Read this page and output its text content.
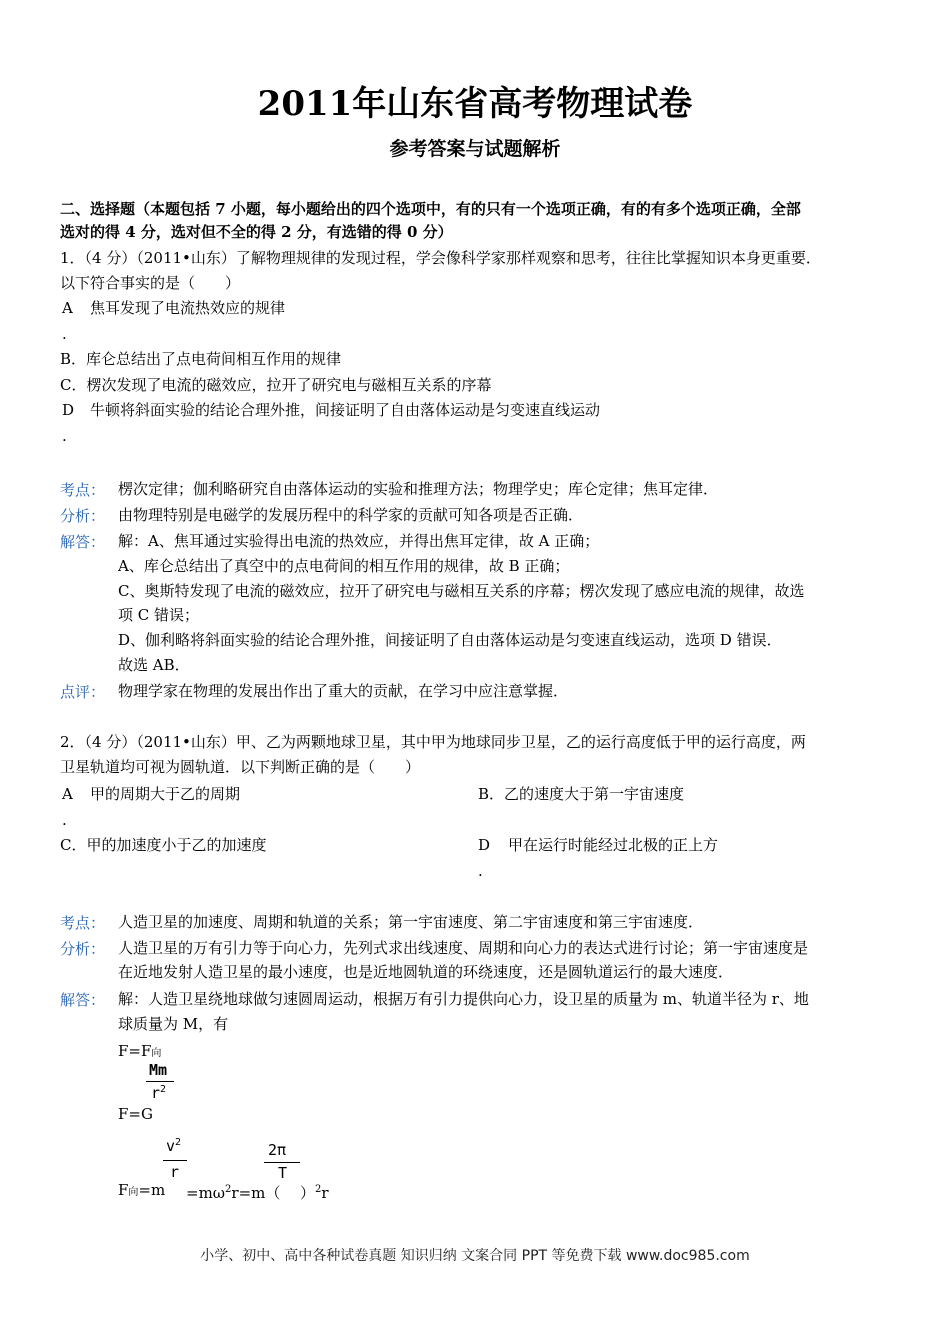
2011年山东省高考物理试卷
参考答案与试题解析
二、选择题（本题包括 7 小题，每小题给出的四个选项中，有的只有一个选项正确，有的有多个选项正确，全部
选对的得 4 分，选对但不全的得 2 分，有选错的得 0 分）
1．（4 分）（2011•山东）了解物理规律的发现过程，学会像科学家那样观察和思考，往往比掌握知识本身更重要．
以下符合事实的是（　　）
A 焦耳发现了电流热效应的规律
.
B．库仑总结出了点电荷间相互作用的规律
C．楞次发现了电流的磁效应，拉开了研究电与磁相互关系的序幕
D 牛顿将斜面实验的结论合理外推，间接证明了自由落体运动是匀变速直线运动
.
考点： 楞次定律；伽利略研究自由落体运动的实验和推理方法；物理学史；库仑定律；焦耳定律．
分析： 由物理特别是电磁学的发展历程中的科学家的贡献可知各项是否正确．
解答： 解：A、焦耳通过实验得出电流的热效应，并得出焦耳定律，故 A 正确；
A、库仑总结出了真空中的点电荷间的相互作用的规律，故 B 正确；
C、奥斯特发现了电流的磁效应，拉开了研究电与磁相互关系的序幕；楞次发现了感应电流的规律，故选
项 C 错误；
D、伽利略将斜面实验的结论合理外推，间接证明了自由落体运动是匀变速直线运动，选项 D 错误．
故选 AB．
点评： 物理学家在物理的发展出作出了重大的贡献，在学习中应注意掌握．
2．（4 分）（2011•山东）甲、乙为两颗地球卫星，其中甲为地球同步卫星，乙的运行高度低于甲的运行高度，两
卫星轨道均可视为圆轨道．以下判断正确的是（　　）
A 甲的周期大于乙的周期
.
B．乙的速度大于第一宇宙速度
C．甲的加速度小于乙的加速度	D 甲在运行时能经过北极的正上方
.
考点： 人造卫星的加速度、周期和轨道的关系；第一宇宙速度、第二宇宙速度和第三宇宙速度．
分析： 人造卫星的万有引力等于向心力，先列式求出线速度、周期和向心力的表达式进行讨论；第一宇宙速度是
在近地发射人造卫星的最小速度，也是近地圆轨道的环绕速度，还是圆轨道运行的最大速度．
解答： 解：人造卫星绕地球做匀速圆周运动，根据万有引力提供向心力，设卫星的质量为 m、轨道半径为 r、地
球质量为 M，有
F=F向
Mm
$r^2$
F=G
$v^2$
r
2π
T
F向$=m =m\omega^2r=m$（ ）$^2$r
小学、初中、高中各种试卷真题 知识归纳 文案合同 PPT 等免费下载 www.doc985.com
